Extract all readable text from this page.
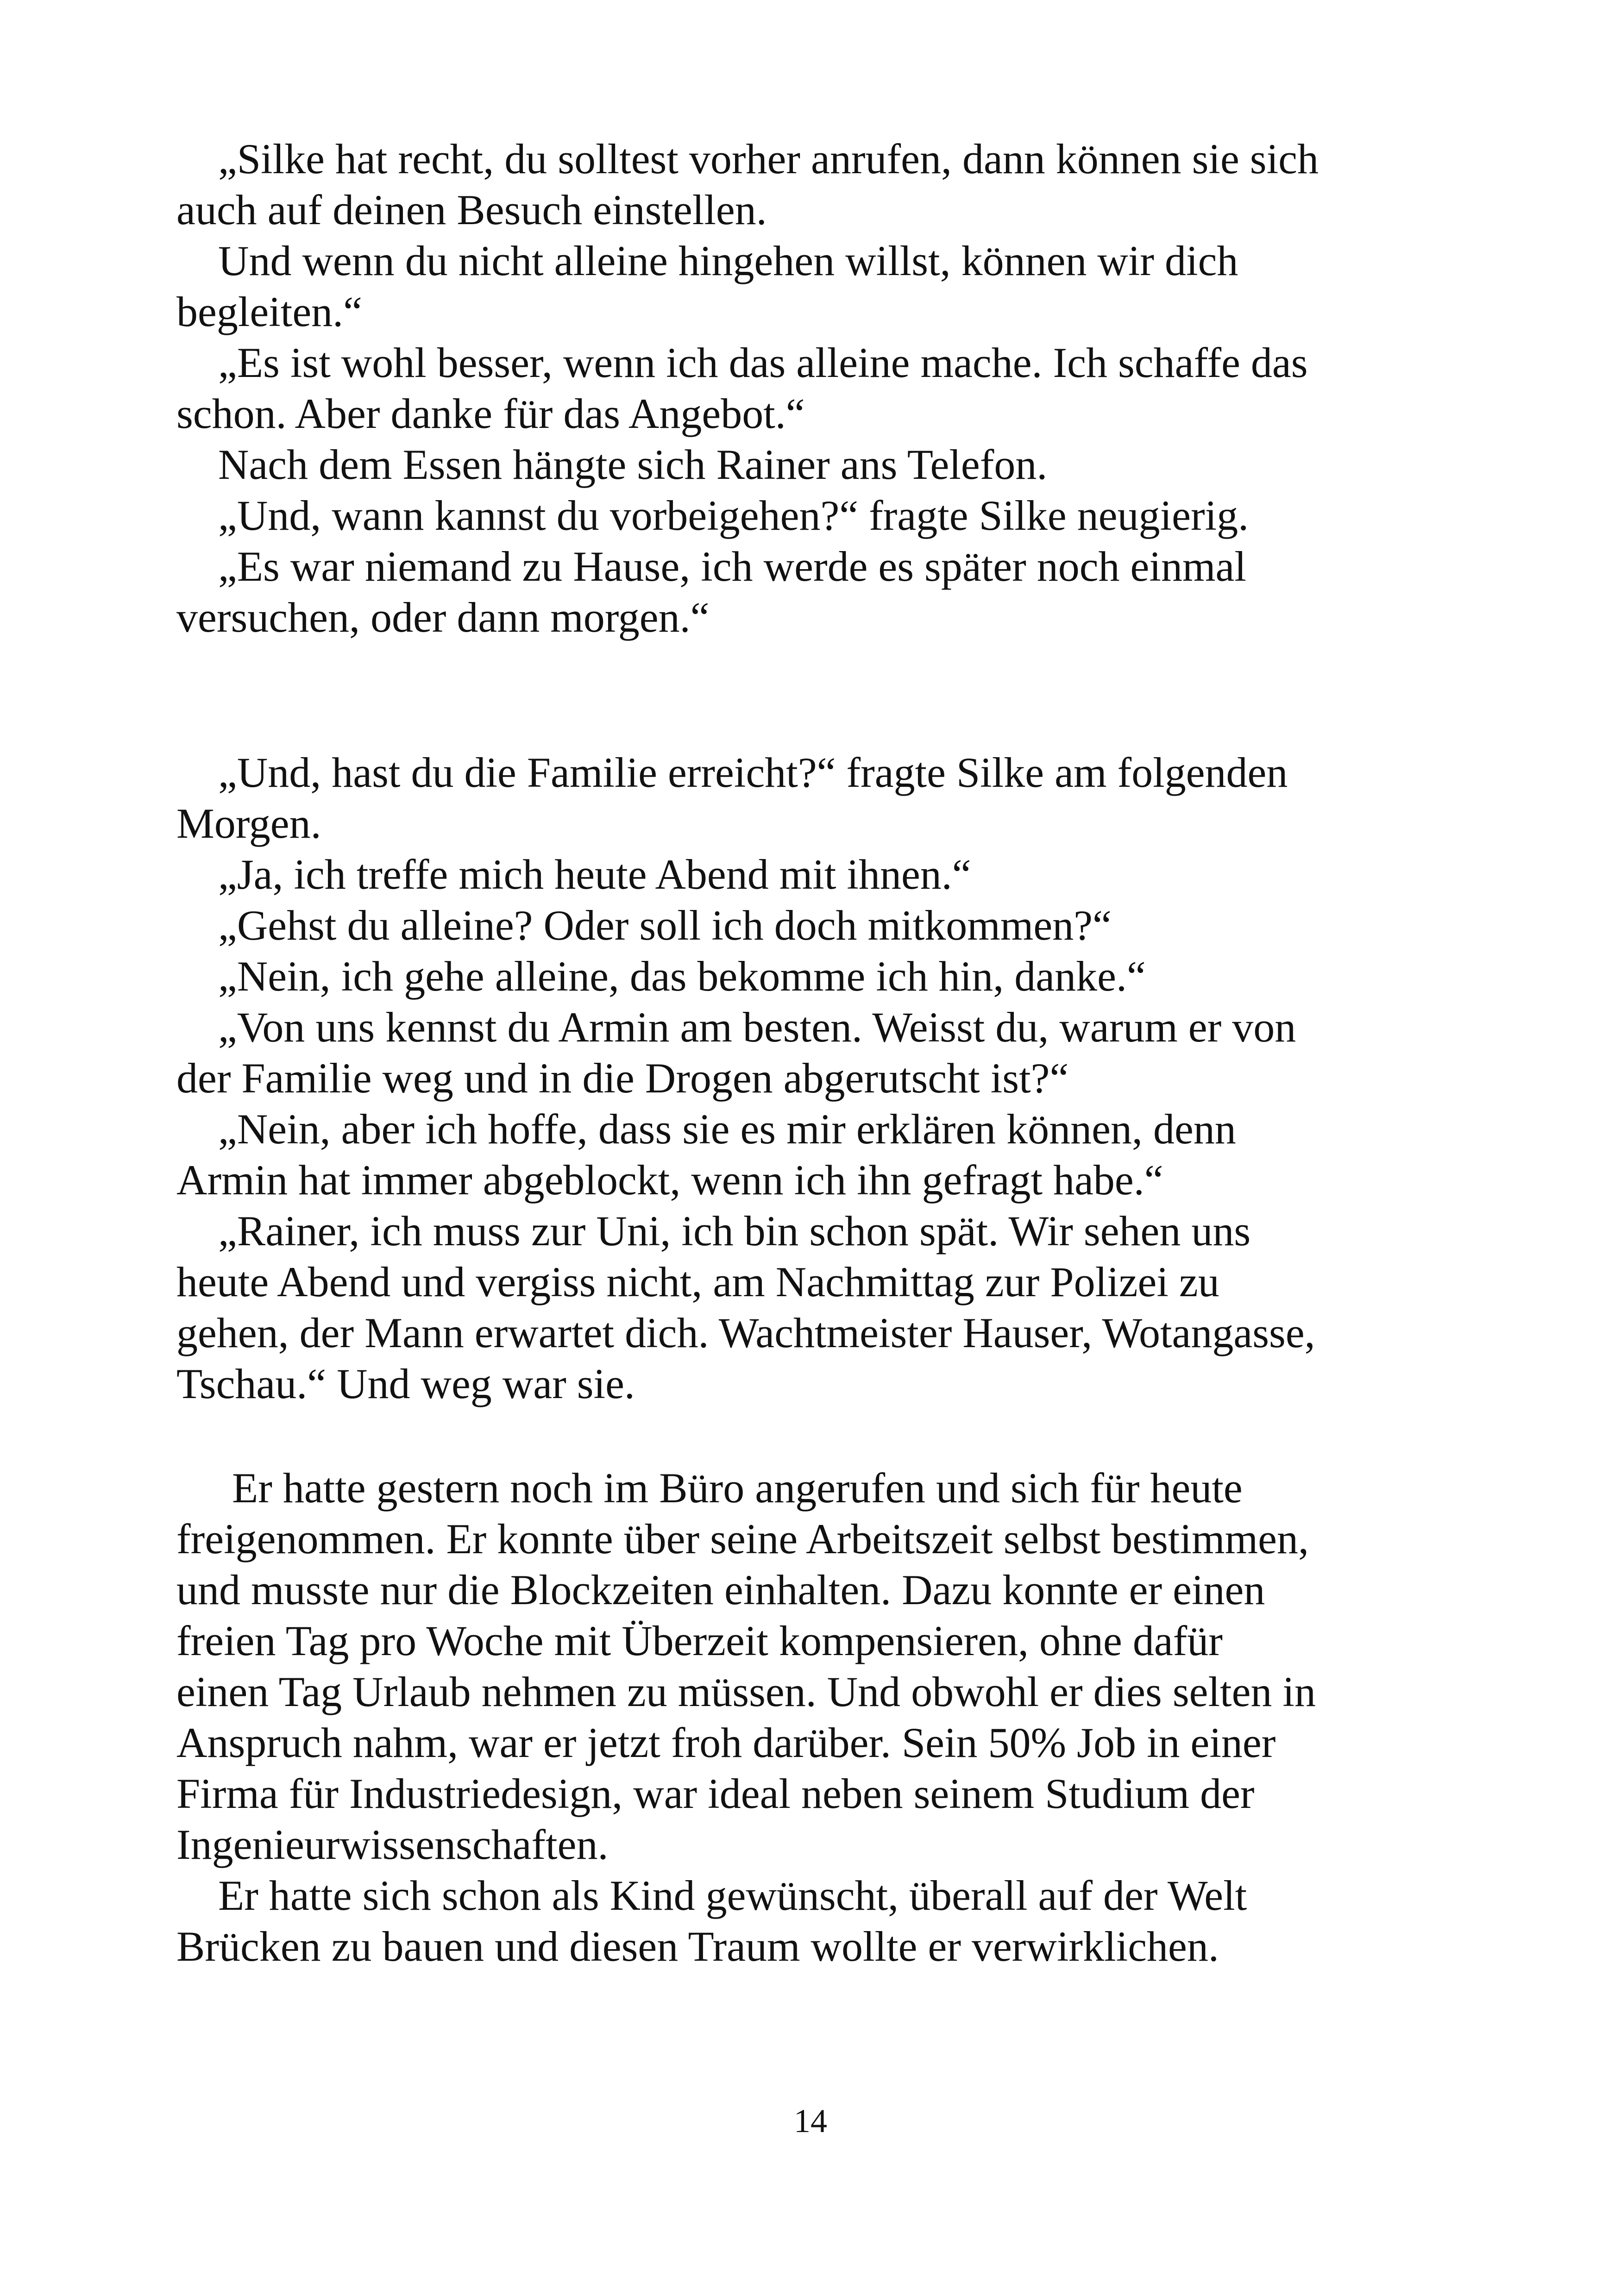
„Silke hat recht, du solltest vorher anrufen, dann können sie sich
auch auf deinen Besuch einstellen.

Und wenn du nicht alleine hingehen willst, können wir dich
begleiten.“

„Es ist wohl besser, wenn ich das alleine mache. Ich schaffe das
schon. Aber danke für das Angebot.“

Nach dem Essen hängte sich Rainer ans Telefon.

„Und, wann kannst du vorbeigehen?“ fragte Silke neugierig.

„Es war niemand zu Hause, ich werde es später noch einmal
versuchen, oder dann morgen.“

„Und, hast du die Familie erreicht?“ fragte Silke am folgenden
Morgen.

„Ja, ich treffe mich heute Abend mit ihnen.“

„Gehst du alleine? Oder soll ich doch mitkommen?“

„Nein, ich gehe alleine, das bekomme ich hin, danke.“

„Von uns kennst du Armin am besten. Weisst du, warum er von
der Familie weg und in die Drogen abgerutscht ist?“

„Nein, aber ich hoffe, dass sie es mir erklären können, denn
Armin hat immer abgeblockt, wenn ich ihn gefragt habe.“

„Rainer, ich muss zur Uni, ich bin schon spät. Wir sehen uns
heute Abend und vergiss nicht, am Nachmittag zur Polizei zu
gehen, der Mann erwartet dich. Wachtmeister Hauser, Wotangasse,
Tschau.“ Und weg war sie.

Er hatte gestern noch im Büro angerufen und sich für heute
freigenommen. Er konnte über seine Arbeitszeit selbst bestimmen,
und musste nur die Blockzeiten einhalten. Dazu konnte er einen
freien Tag pro Woche mit Überzeit kompensieren, ohne dafür
einen Tag Urlaub nehmen zu müssen. Und obwohl er dies selten in
Anspruch nahm, war er jetzt froh darüber. Sein 50% Job in einer
Firma für Industriedesign, war ideal neben seinem Studium der
Ingenieurwissenschaften.

Er hatte sich schon als Kind gewünscht, überall auf der Welt
Brücken zu bauen und diesen Traum wollte er verwirklichen.

14
